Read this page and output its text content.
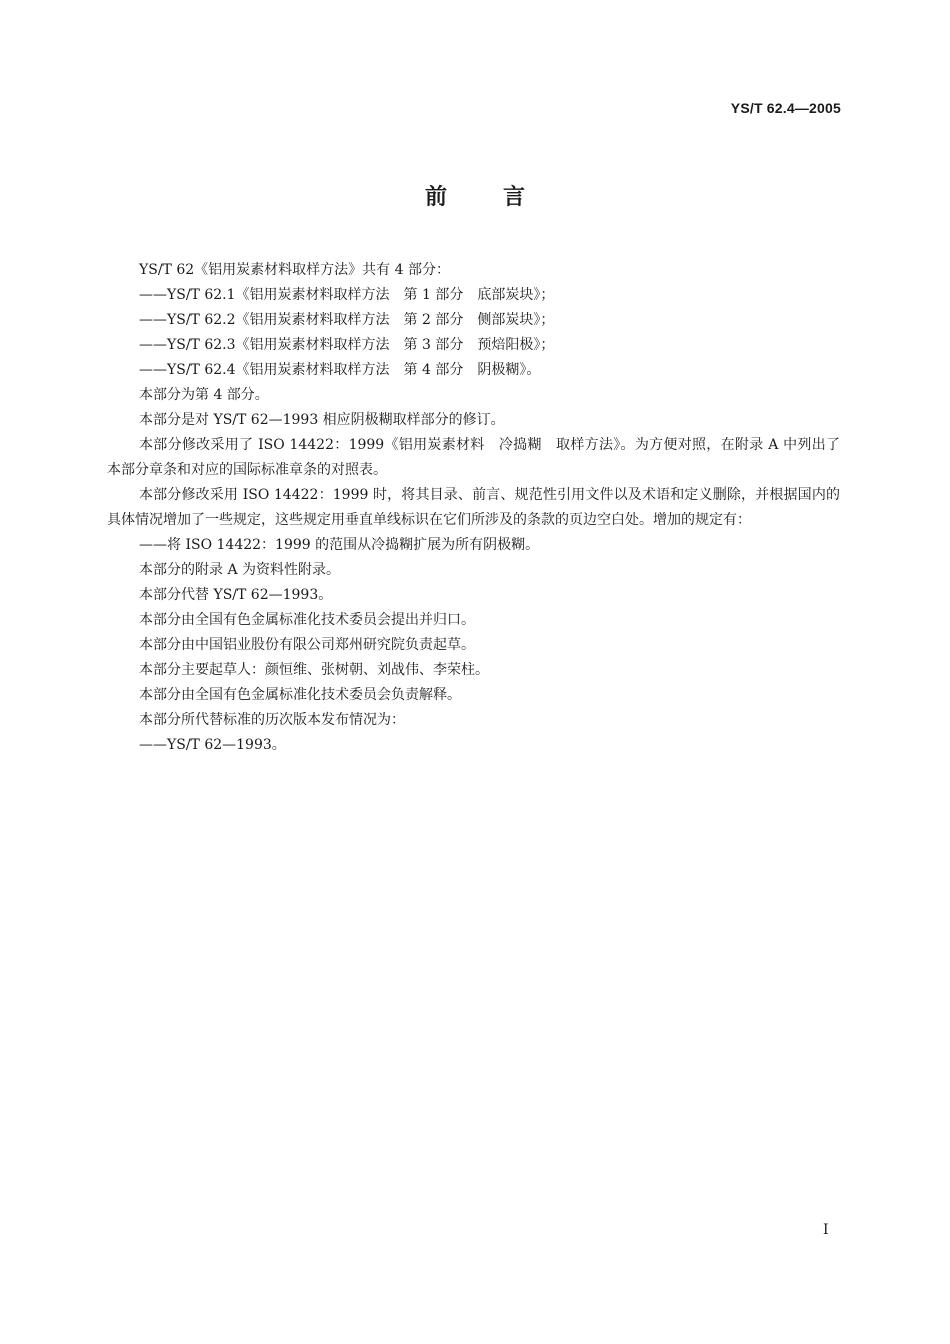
YS/T 62.4—2005
前言

YS/T 62《铝用炭素材料取样方法》共有 4 部分：

——YS/T 62.1《铝用炭素材料取样方法　第 1 部分　底部炭块》；

——YS/T 62.2《铝用炭素材料取样方法　第 2 部分　侧部炭块》；

——YS/T 62.3《铝用炭素材料取样方法　第 3 部分　预焙阳极》；

——YS/T 62.4《铝用炭素材料取样方法　第 4 部分　阴极糊》。

本部分为第 4 部分。

本部分是对 YS/T 62—1993 相应阴极糊取样部分的修订。

本部分修改采用了 ISO 14422：1999《铝用炭素材料　冷捣糊　取样方法》。为方便对照，在附录 A 中列出了本部分章条和对应的国际标准章条的对照表。

本部分修改采用 ISO 14422：1999 时，将其目录、前言、规范性引用文件以及术语和定义删除，并根据国内的具体情况增加了一些规定，这些规定用垂直单线标识在它们所涉及的条款的页边空白处。增加的规定有：

——将 ISO 14422：1999 的范围从冷捣糊扩展为所有阴极糊。

本部分的附录 A 为资料性附录。

本部分代替 YS/T 62—1993。

本部分由全国有色金属标准化技术委员会提出并归口。

本部分由中国铝业股份有限公司郑州研究院负责起草。

本部分主要起草人：颜恒维、张树朝、刘战伟、李荣柱。

本部分由全国有色金属标准化技术委员会负责解释。

本部分所代替标准的历次版本发布情况为：

——YS/T 62—1993。

I
